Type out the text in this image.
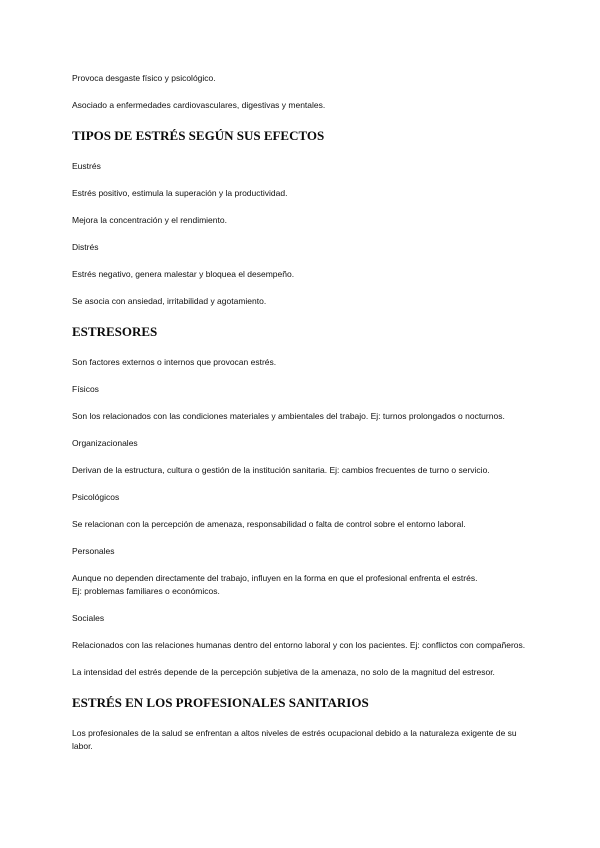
Provoca desgaste físico y psicológico.

Asociado a enfermedades cardiovasculares, digestivas y mentales.

TIPOS DE ESTRÉS SEGÚN SUS EFECTOS

Eustrés

Estrés positivo, estimula la superación y la productividad.

Mejora la concentración y el rendimiento.

Distrés

Estrés negativo, genera malestar y bloquea el desempeño.

Se asocia con ansiedad, irritabilidad y agotamiento.

ESTRESORES

Son factores externos o internos que provocan estrés.

Físicos

Son los relacionados con las condiciones materiales y ambientales del trabajo. Ej: turnos prolongados o nocturnos.

Organizacionales

Derivan de la estructura, cultura o gestión de la institución sanitaria. Ej: cambios frecuentes de turno o servicio.

Psicológicos

Se relacionan con la percepción de amenaza, responsabilidad o falta de control sobre el entorno laboral.

Personales

Aunque no dependen directamente del trabajo, influyen en la forma en que el profesional enfrenta el estrés.

Ej: problemas familiares o económicos.

Sociales

Relacionados con las relaciones humanas dentro del entorno laboral y con los pacientes. Ej: conflictos con compañeros.

La intensidad del estrés depende de la percepción subjetiva de la amenaza, no solo de la magnitud del estresor.

ESTRÉS EN LOS PROFESIONALES SANITARIOS

Los profesionales de la salud se enfrentan a altos niveles de estrés ocupacional debido a la naturaleza exigente de su labor.
